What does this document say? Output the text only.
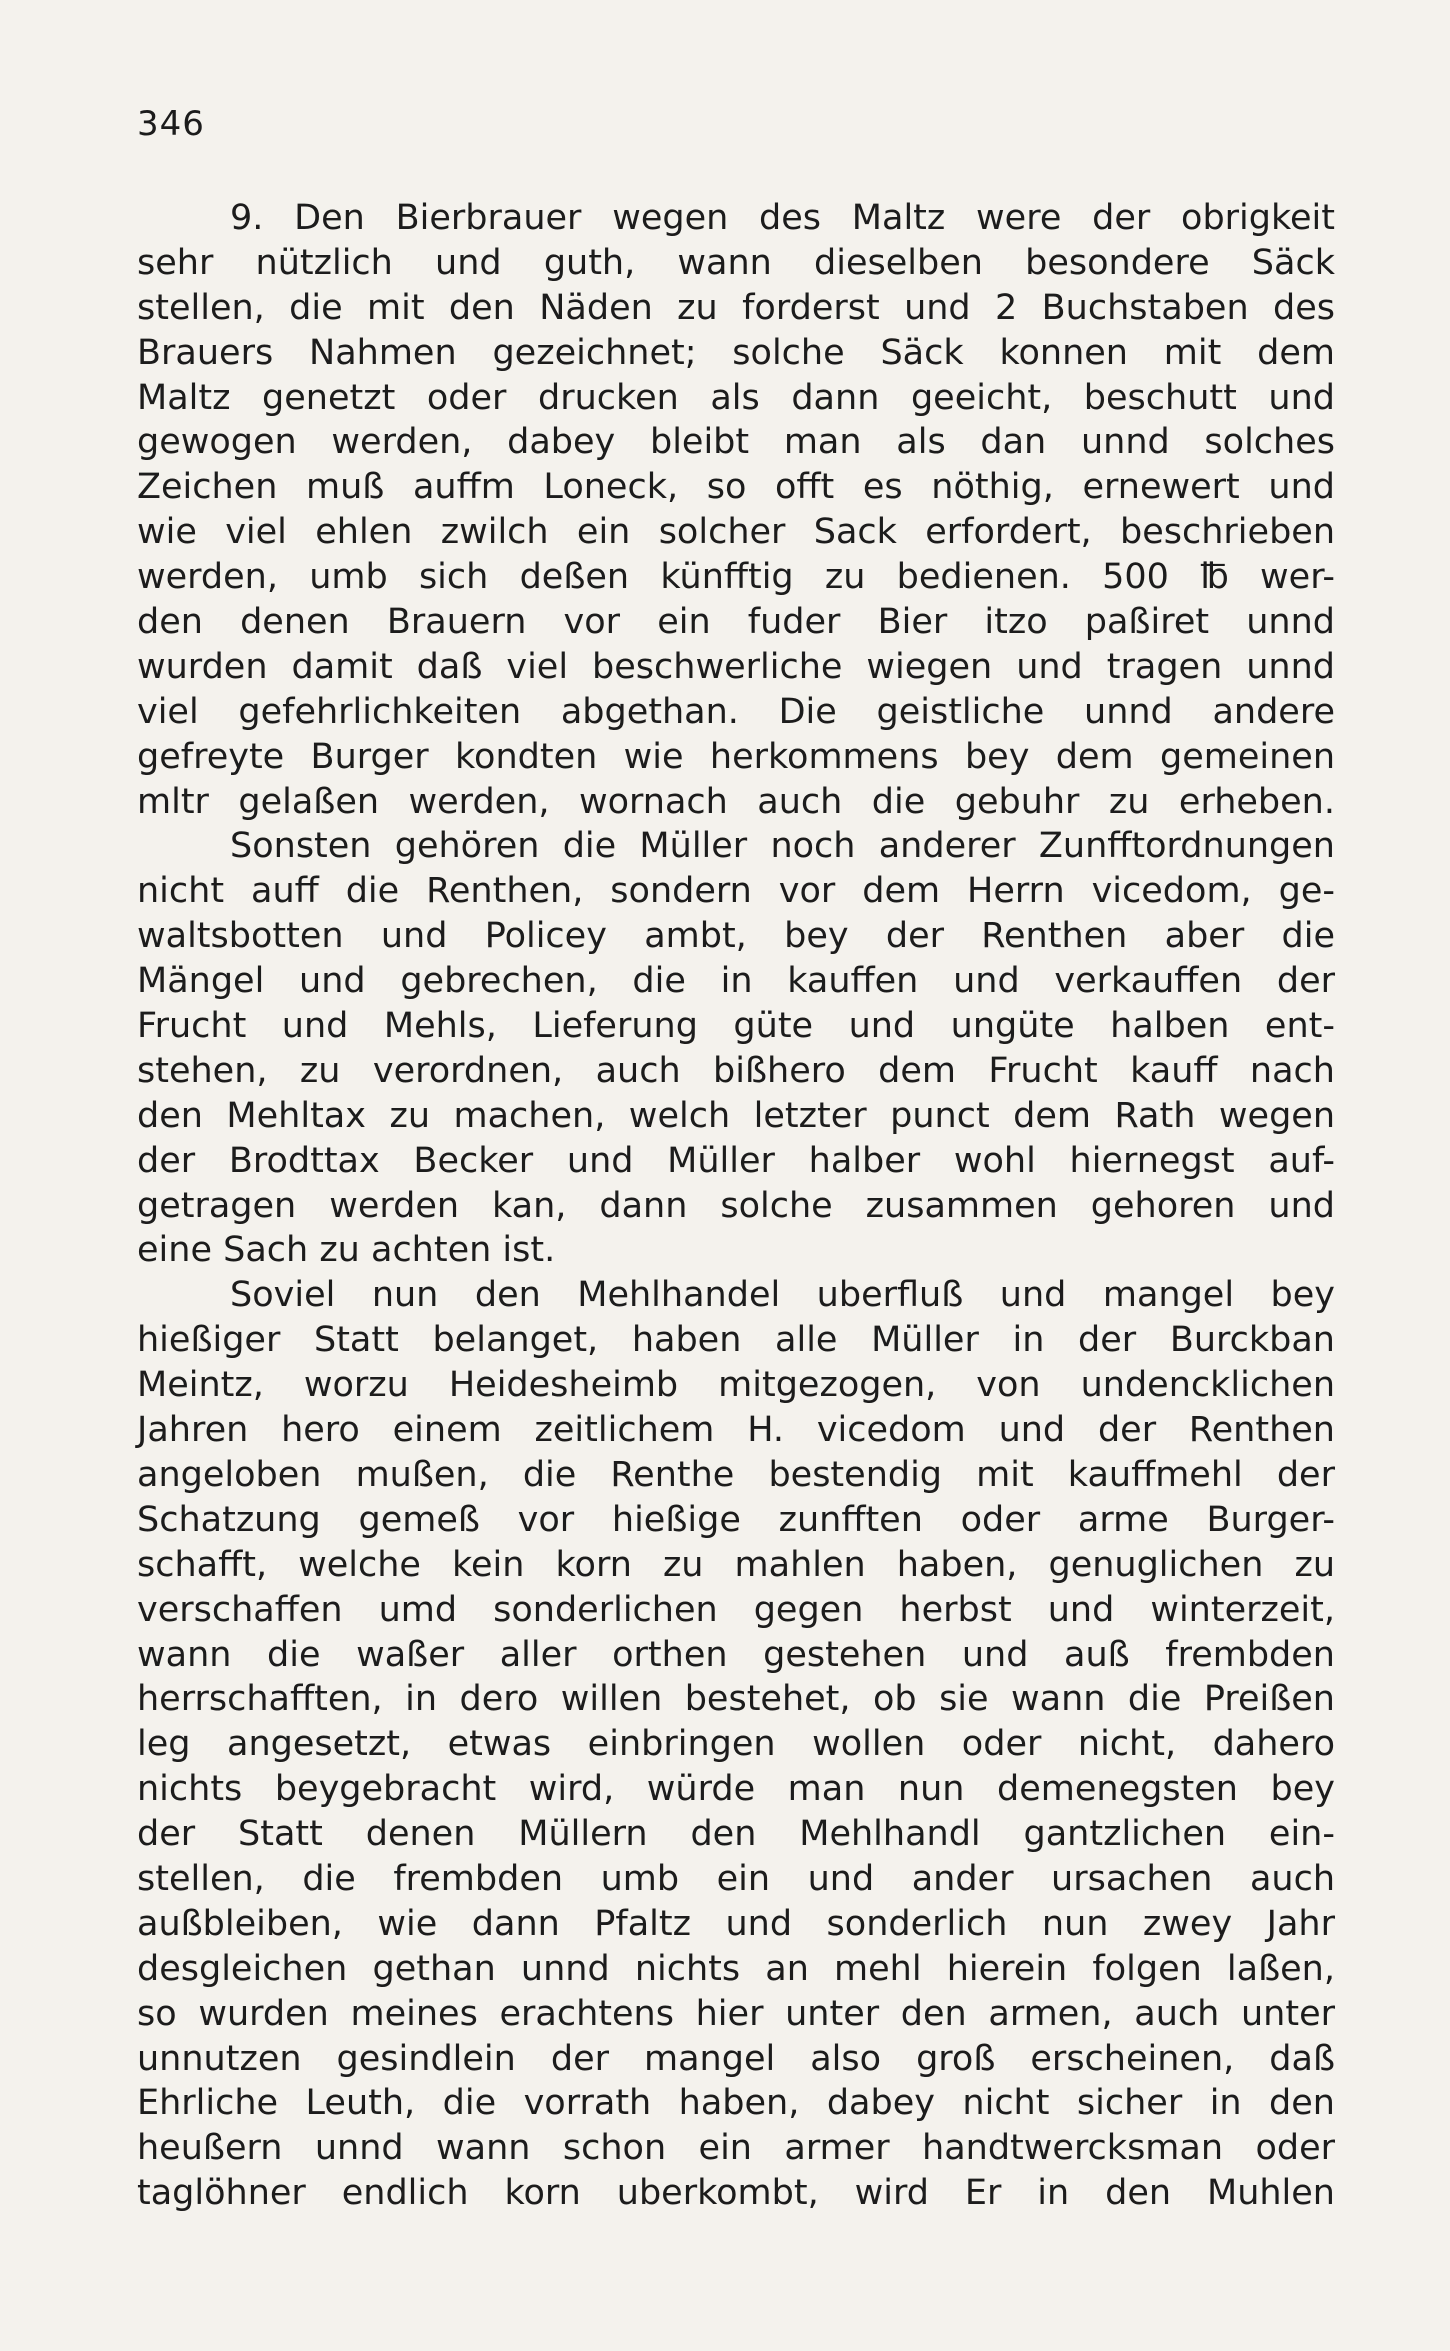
346
9. Den Bierbrauer wegen des Maltz were der obrigkeit
sehr nützlich und guth, wann dieselben besondere Säck
stellen, die mit den Näden zu forderst und 2 Buchstaben des
Brauers Nahmen gezeichnet; solche Säck konnen mit dem
Maltz genetzt oder drucken als dann geeicht, beschutt und
gewogen werden, dabey bleibt man als dan unnd solches
Zeichen muß auffm Loneck, so offt es nöthig, ernewert und
wie viel ehlen zwilch ein solcher Sack erfordert, beschrieben
werden, umb sich deßen künfftig zu bedienen. 500 ℔ wer-
den denen Brauern vor ein fuder Bier itzo paßiret unnd
wurden damit daß viel beschwerliche wiegen und tragen unnd
viel gefehrlichkeiten abgethan. Die geistliche unnd andere
gefreyte Burger kondten wie herkommens bey dem gemeinen
mltr gelaßen werden, wornach auch die gebuhr zu erheben.
Sonsten gehören die Müller noch anderer Zunfftordnungen
nicht auff die Renthen, sondern vor dem Herrn vicedom, ge-
waltsbotten und Policey ambt, bey der Renthen aber die
Mängel und gebrechen, die in kauffen und verkauffen der
Frucht und Mehls, Lieferung güte und ungüte halben ent-
stehen, zu verordnen, auch bißhero dem Frucht kauff nach
den Mehltax zu machen, welch letzter punct dem Rath wegen
der Brodttax Becker und Müller halber wohl hiernegst auf-
getragen werden kan, dann solche zusammen gehoren und
eine Sach zu achten ist.
Soviel nun den Mehlhandel uberfluß und mangel bey
hießiger Statt belanget, haben alle Müller in der Burckban
Meintz, worzu Heidesheimb mitgezogen, von undencklichen
Jahren hero einem zeitlichem H. vicedom und der Renthen
angeloben mußen, die Renthe bestendig mit kauffmehl der
Schatzung gemeß vor hießige zunfften oder arme Burger-
schafft, welche kein korn zu mahlen haben, genuglichen zu
verschaffen umd sonderlichen gegen herbst und winterzeit,
wann die waßer aller orthen gestehen und auß frembden
herrschafften, in dero willen bestehet, ob sie wann die Preißen
leg angesetzt, etwas einbringen wollen oder nicht, dahero
nichts beygebracht wird, würde man nun demenegsten bey
der Statt denen Müllern den Mehlhandl gantzlichen ein-
stellen, die frembden umb ein und ander ursachen auch
außbleiben, wie dann Pfaltz und sonderlich nun zwey Jahr
desgleichen gethan unnd nichts an mehl hierein folgen laßen,
so wurden meines erachtens hier unter den armen, auch unter
unnutzen gesindlein der mangel also groß erscheinen, daß
Ehrliche Leuth, die vorrath haben, dabey nicht sicher in den
heußern unnd wann schon ein armer handtwercksman oder
taglöhner endlich korn uberkombt, wird Er in den Muhlen
